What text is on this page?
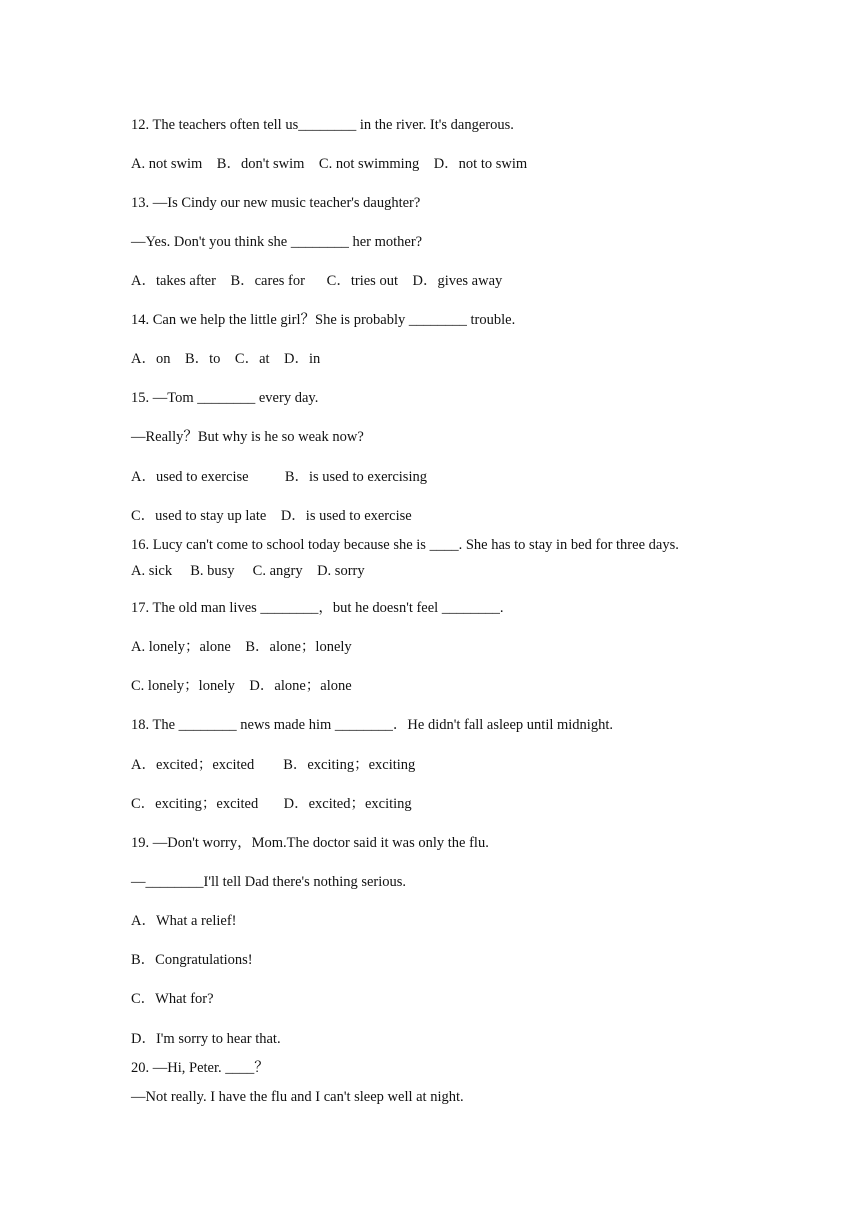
12. The teachers often tell us________ in the river. It's dangerous.
A. not swim    B．don't swim    C. not swimming    D．not to swim
13. —Is Cindy our new music teacher's daughter?
—Yes. Don't you think she ________ her mother?
A．takes after    B．cares for      C．tries out    D．gives away
14. Can we help the little girl？She is probably ________ trouble.
A．on    B．to    C．at    D．in
15. —Tom ________ every day.
—Really？But why is he so weak now?
A．used to exercise          B．is used to exercising
C．used to stay up late    D．is used to exercise
16. Lucy can't come to school today because she is ____. She has to stay in bed for three days.
A. sick     B. busy     C. angry    D. sorry
17. The old man lives ________，but he doesn't feel ________.
A. lonely；alone    B．alone；lonely
C. lonely；lonely    D．alone；alone
18. The ________ news made him ________．He didn't fall asleep until midnight.
A．excited；excited        B．exciting；exciting
C．exciting；excited       D．excited；exciting
19. —Don't worry，Mom.The doctor said it was only the flu.
—________I'll tell Dad there's nothing serious.
A．What a relief!
B．Congratulations!
C．What for?
D．I'm sorry to hear that.
20. —Hi, Peter. ____？
—Not really. I have the flu and I can't sleep well at night.
